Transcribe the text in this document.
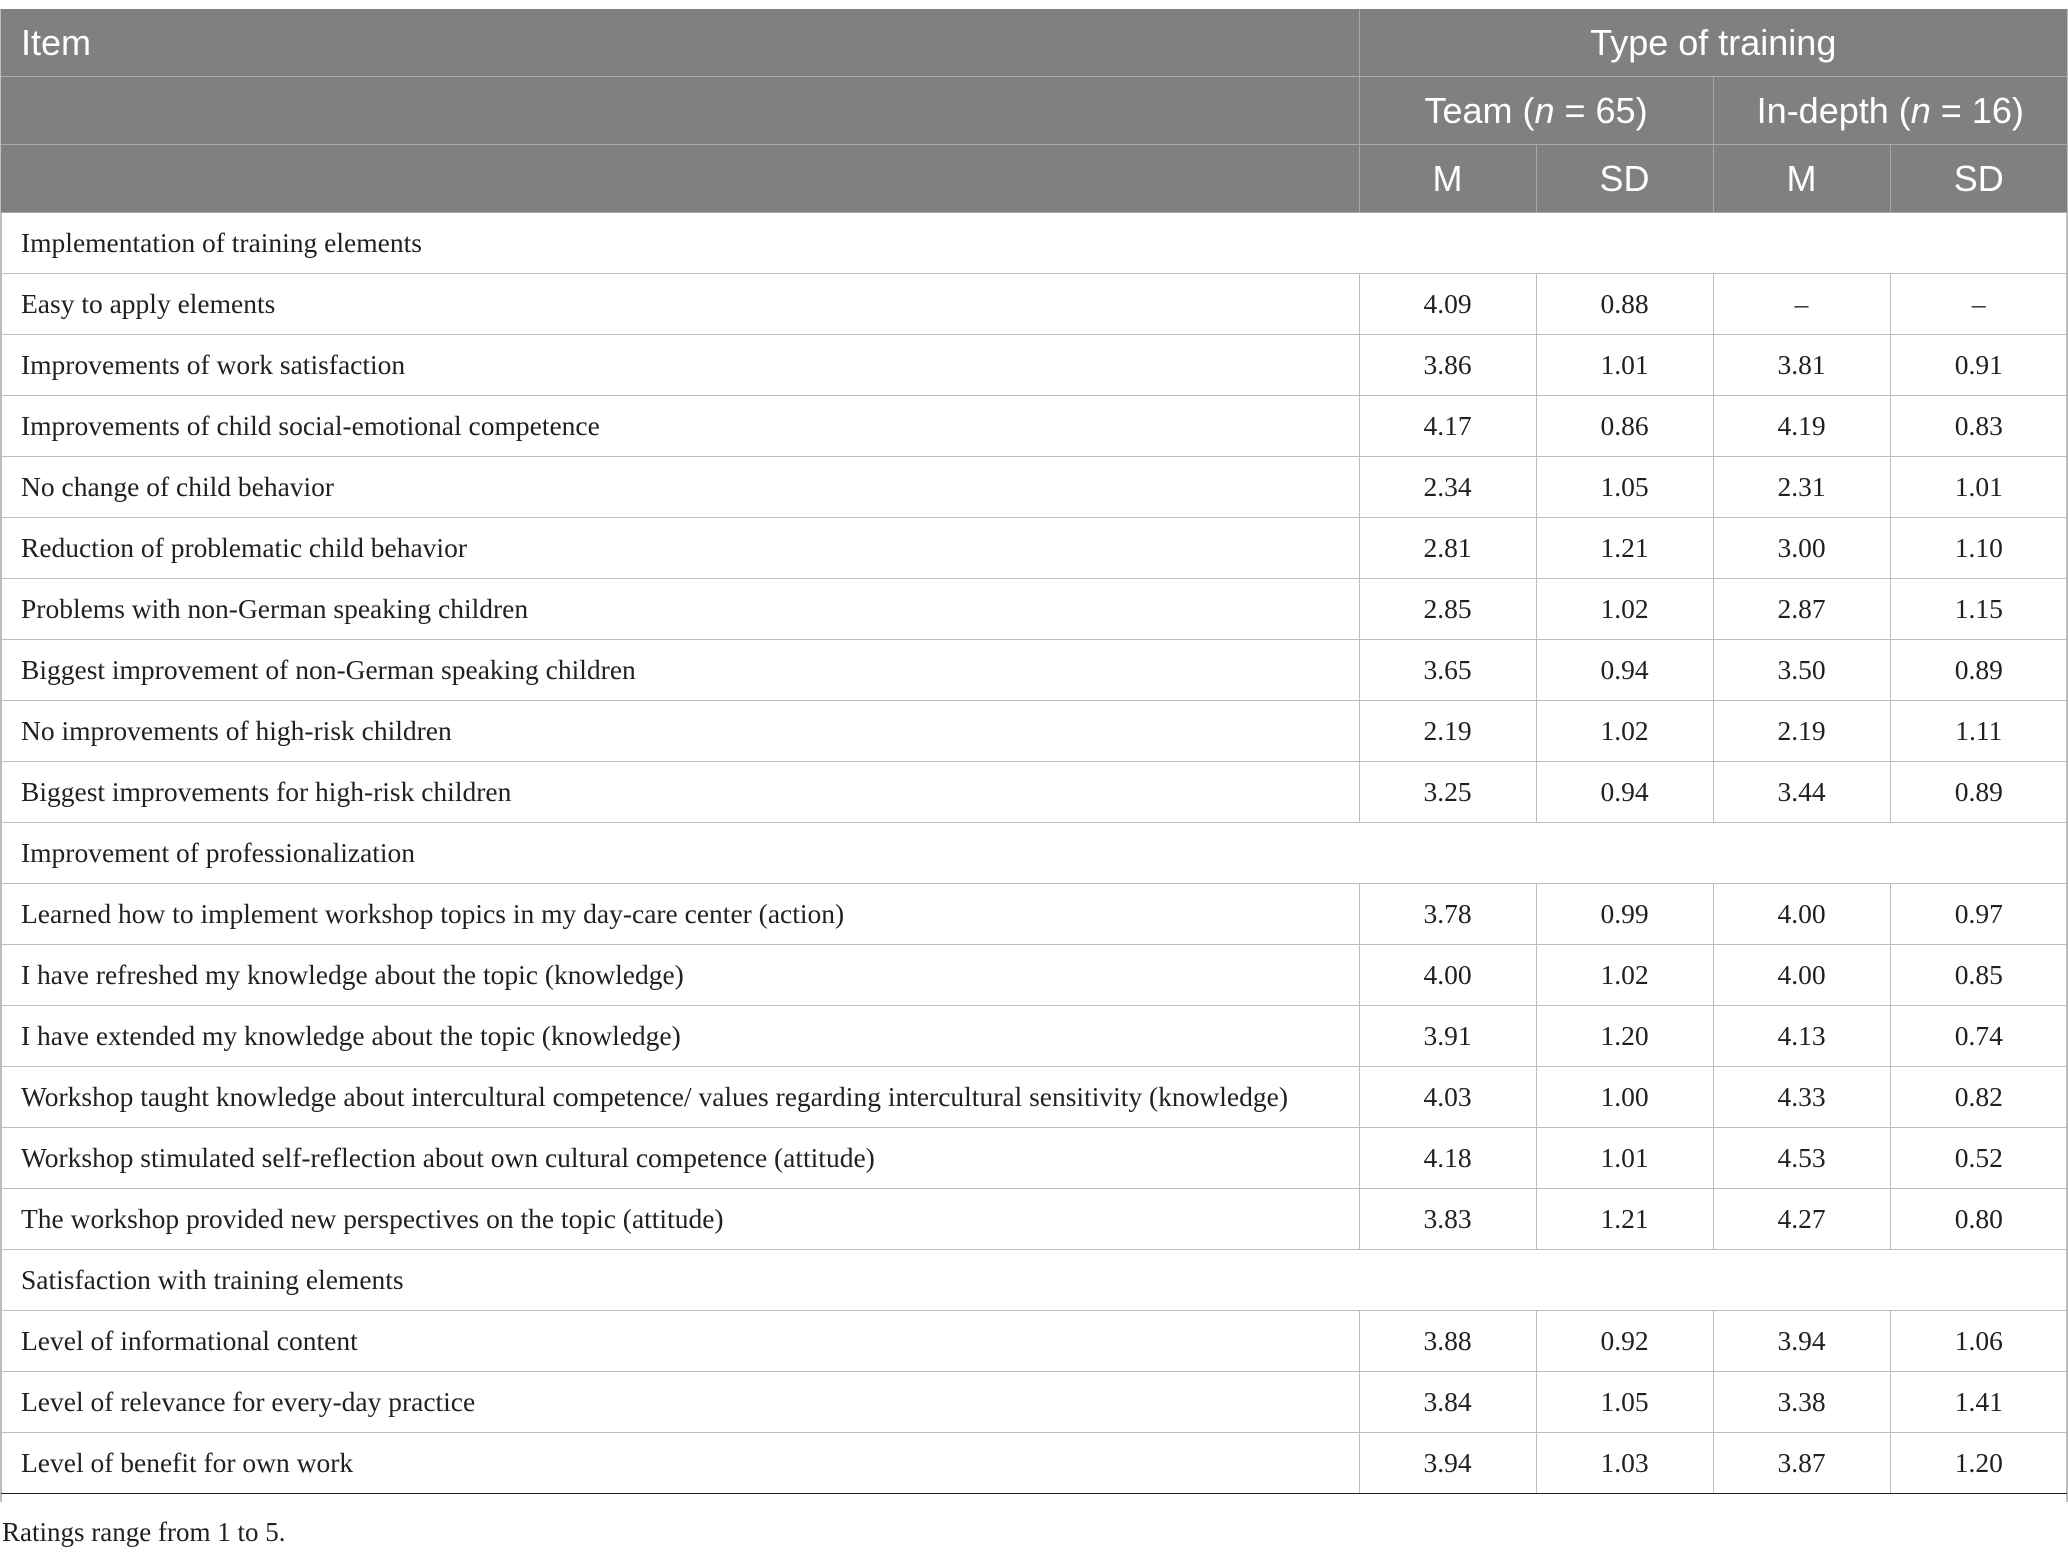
Item	Type of training			
	Team (n = 65)		In-depth (n = 16)	
	M	SD	M	SD
Implementation of training elements				
Easy to apply elements	4.09	0.88	–	–
Improvements of work satisfaction	3.86	1.01	3.81	0.91
Improvements of child social-emotional competence	4.17	0.86	4.19	0.83
No change of child behavior	2.34	1.05	2.31	1.01
Reduction of problematic child behavior	2.81	1.21	3.00	1.10
Problems with non-German speaking children	2.85	1.02	2.87	1.15
Biggest improvement of non-German speaking children	3.65	0.94	3.50	0.89
No improvements of high-risk children	2.19	1.02	2.19	1.11
Biggest improvements for high-risk children	3.25	0.94	3.44	0.89
Improvement of professionalization				
Learned how to implement workshop topics in my day-care center (action)	3.78	0.99	4.00	0.97
I have refreshed my knowledge about the topic (knowledge)	4.00	1.02	4.00	0.85
I have extended my knowledge about the topic (knowledge)	3.91	1.20	4.13	0.74
Workshop taught knowledge about intercultural competence/ values regarding intercultural sensitivity (knowledge)	4.03	1.00	4.33	0.82
Workshop stimulated self-reflection about own cultural competence (attitude)	4.18	1.01	4.53	0.52
The workshop provided new perspectives on the topic (attitude)	3.83	1.21	4.27	0.80
Satisfaction with training elements				
Level of informational content	3.88	0.92	3.94	1.06
Level of relevance for every-day practice	3.84	1.05	3.38	1.41
Level of benefit for own work	3.94	1.03	3.87	1.20
Ratings range from 1 to 5.
